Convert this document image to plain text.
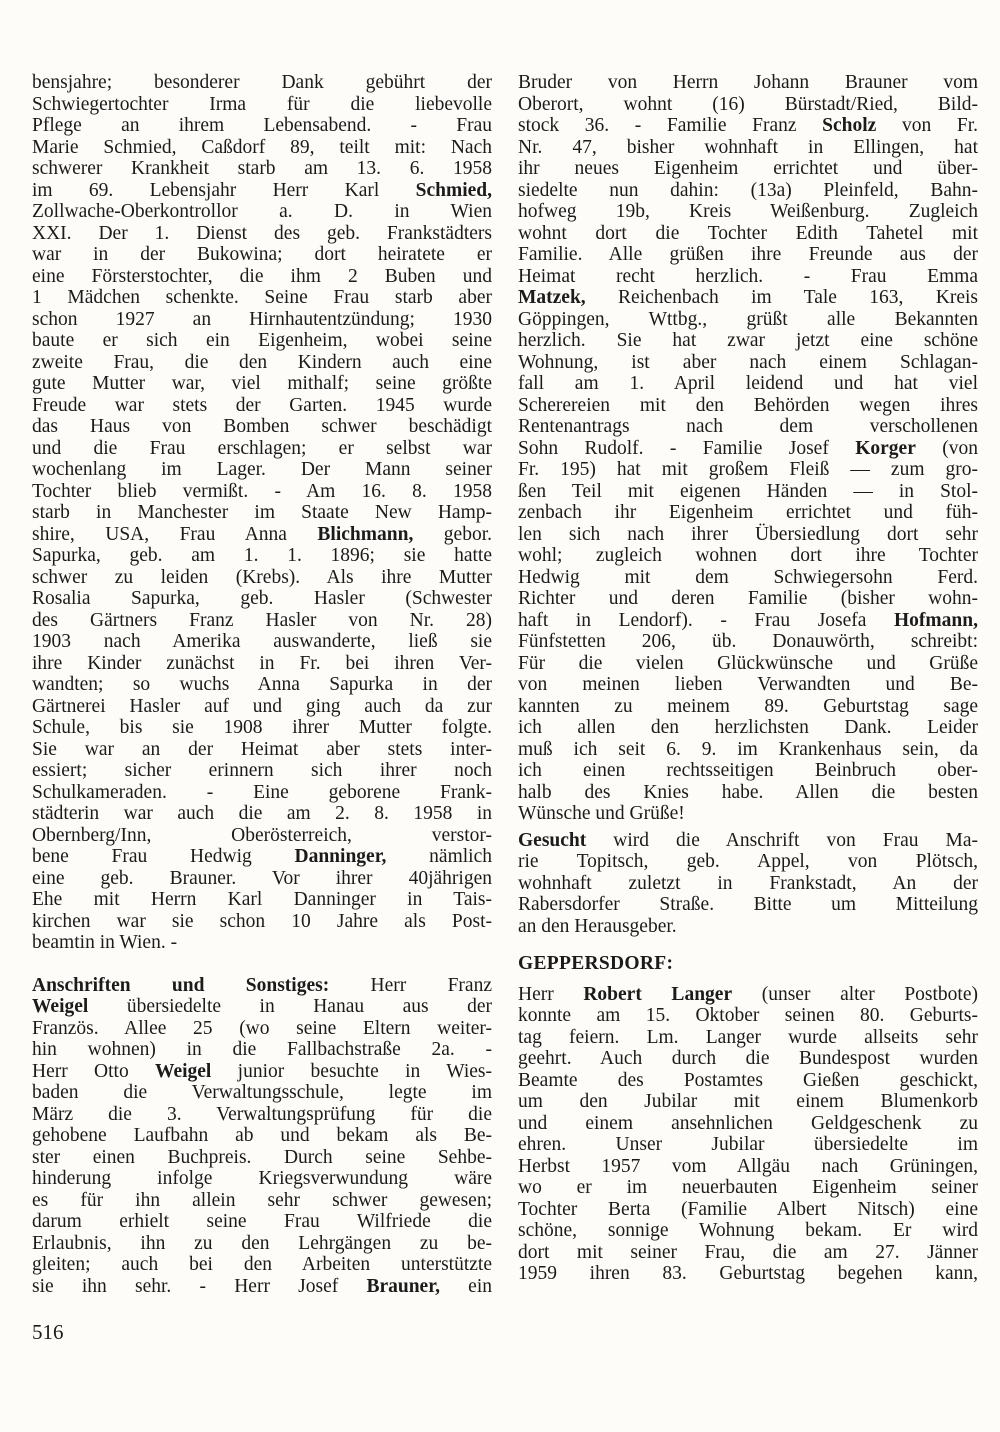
bensjahre; besonderer Dank gebührt der
Schwiegertochter Irma für die liebevolle
Pflege an ihrem Lebensabend. - Frau
Marie Schmied, Caßdorf 89, teilt mit: Nach
schwerer Krankheit starb am 13. 6. 1958
im 69. Lebensjahr Herr Karl Schmied,
Zollwache-Oberkontrollor a. D. in Wien
XXI. Der 1. Dienst des geb. Frankstädters
war in der Bukowina; dort heiratete er
eine Försterstochter, die ihm 2 Buben und
1 Mädchen schenkte. Seine Frau starb aber
schon 1927 an Hirnhautentzündung; 1930
baute er sich ein Eigenheim, wobei seine
zweite Frau, die den Kindern auch eine
gute Mutter war, viel mithalf; seine größte
Freude war stets der Garten. 1945 wurde
das Haus von Bomben schwer beschädigt
und die Frau erschlagen; er selbst war
wochenlang im Lager. Der Mann seiner
Tochter blieb vermißt. - Am 16. 8. 1958
starb in Manchester im Staate New Hamp-
shire, USA, Frau Anna Blichmann, gebor.
Sapurka, geb. am 1. 1. 1896; sie hatte
schwer zu leiden (Krebs). Als ihre Mutter
Rosalia Sapurka, geb. Hasler (Schwester
des Gärtners Franz Hasler von Nr. 28)
1903 nach Amerika auswanderte, ließ sie
ihre Kinder zunächst in Fr. bei ihren Ver-
wandten; so wuchs Anna Sapurka in der
Gärtnerei Hasler auf und ging auch da zur
Schule, bis sie 1908 ihrer Mutter folgte.
Sie war an der Heimat aber stets inter-
essiert; sicher erinnern sich ihrer noch
Schulkameraden. - Eine geborene Frank-
städterin war auch die am 2. 8. 1958 in
Obernberg/Inn, Oberösterreich, verstor-
bene Frau Hedwig Danninger, nämlich
eine geb. Brauner. Vor ihrer 40jährigen
Ehe mit Herrn Karl Danninger in Tais-
kirchen war sie schon 10 Jahre als Post-
beamtin in Wien. -
Anschriften und Sonstiges: Herr Franz
Weigel übersiedelte in Hanau aus der
Französ. Allee 25 (wo seine Eltern weiter-
hin wohnen) in die Fallbachstraße 2a. -
Herr Otto Weigel junior besuchte in Wies-
baden die Verwaltungsschule, legte im
März die 3. Verwaltungsprüfung für die
gehobene Laufbahn ab und bekam als Be-
ster einen Buchpreis. Durch seine Sehbe-
hinderung infolge Kriegsverwundung wäre
es für ihn allein sehr schwer gewesen;
darum erhielt seine Frau Wilfriede die
Erlaubnis, ihn zu den Lehrgängen zu be-
gleiten; auch bei den Arbeiten unterstützte
sie ihn sehr. - Herr Josef Brauner, ein
Bruder von Herrn Johann Brauner vom
Oberort, wohnt (16) Bürstadt/Ried, Bild-
stock 36. - Familie Franz Scholz von Fr.
Nr. 47, bisher wohnhaft in Ellingen, hat
ihr neues Eigenheim errichtet und über-
siedelte nun dahin: (13a) Pleinfeld, Bahn-
hofweg 19b, Kreis Weißenburg. Zugleich
wohnt dort die Tochter Edith Tahetel mit
Familie. Alle grüßen ihre Freunde aus der
Heimat recht herzlich. - Frau Emma
Matzek, Reichenbach im Tale 163, Kreis
Göppingen, Wttbg., grüßt alle Bekannten
herzlich. Sie hat zwar jetzt eine schöne
Wohnung, ist aber nach einem Schlagan-
fall am 1. April leidend und hat viel
Scherereien mit den Behörden wegen ihres
Rentenantrags nach dem verschollenen
Sohn Rudolf. - Familie Josef Korger (von
Fr. 195) hat mit großem Fleiß — zum gro-
ßen Teil mit eigenen Händen — in Stol-
zenbach ihr Eigenheim errichtet und füh-
len sich nach ihrer Übersiedlung dort sehr
wohl; zugleich wohnen dort ihre Tochter
Hedwig mit dem Schwiegersohn Ferd.
Richter und deren Familie (bisher wohn-
haft in Lendorf). - Frau Josefa Hofmann,
Fünfstetten 206, üb. Donauwörth, schreibt:
Für die vielen Glückwünsche und Grüße
von meinen lieben Verwandten und Be-
kannten zu meinem 89. Geburtstag sage
ich allen den herzlichsten Dank. Leider
muß ich seit 6. 9. im Krankenhaus sein, da
ich einen rechtsseitigen Beinbruch ober-
halb des Knies habe. Allen die besten
Wünsche und Grüße!
Gesucht wird die Anschrift von Frau Ma-
rie Topitsch, geb. Appel, von Plötsch,
wohnhaft zuletzt in Frankstadt, An der
Rabersdorfer Straße. Bitte um Mitteilung
an den Herausgeber.
GEPPERSDORF:
Herr Robert Langer (unser alter Postbote)
konnte am 15. Oktober seinen 80. Geburts-
tag feiern. Lm. Langer wurde allseits sehr
geehrt. Auch durch die Bundespost wurden
Beamte des Postamtes Gießen geschickt,
um den Jubilar mit einem Blumenkorb
und einem ansehnlichen Geldgeschenk zu
ehren. Unser Jubilar übersiedelte im
Herbst 1957 vom Allgäu nach Grüningen,
wo er im neuerbauten Eigenheim seiner
Tochter Berta (Familie Albert Nitsch) eine
schöne, sonnige Wohnung bekam. Er wird
dort mit seiner Frau, die am 27. Jänner
1959 ihren 83. Geburtstag begehen kann,
516
